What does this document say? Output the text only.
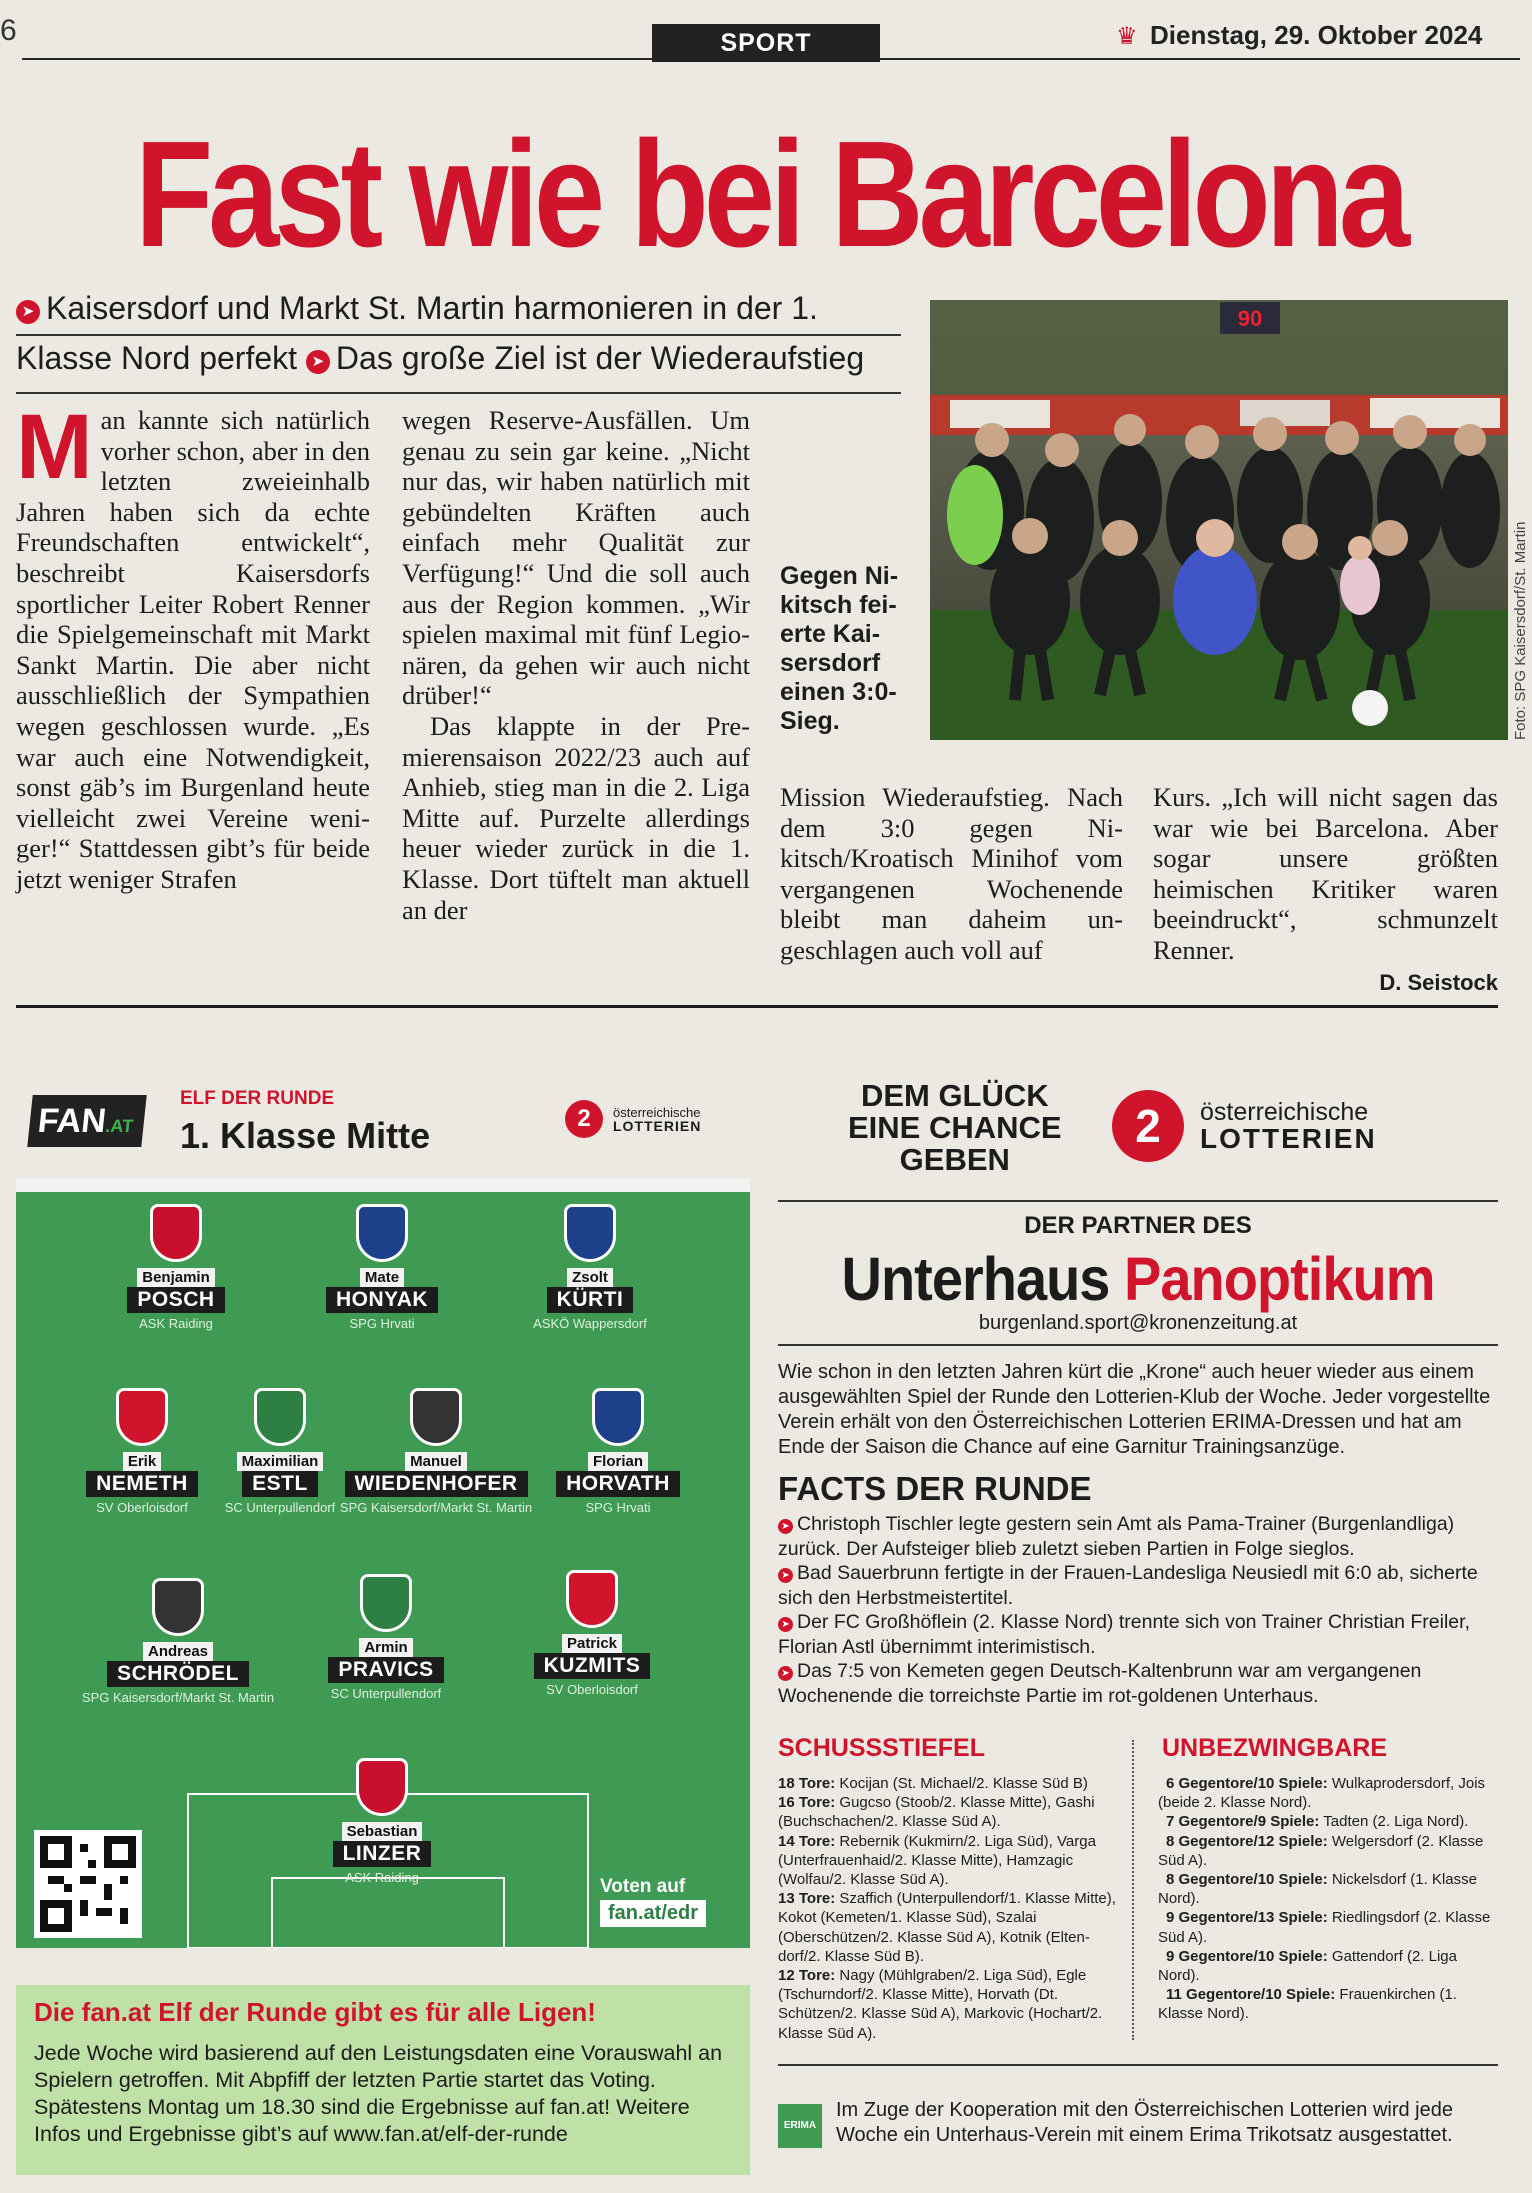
6	SPORT	♛ Dienstag, 29. Oktober 2024
Fast wie bei Barcelona
➤ Kaisersdorf und Markt St. Martin harmonieren in der 1.
Klasse Nord perfekt ➤ Das große Ziel ist der Wiederaufstieg
Man kannte sich natürlich vorher schon, aber in den letzten zweieinhalb Jahren haben sich da echte Freundschaften entwickelt“, beschreibt Kaisersdorfs sportlicher Leiter Robert Renner die Spielgemeinschaft mit Markt Sankt Martin. Die aber nicht ausschließlich der Sympathien wegen geschlossen wurde. „Es war auch eine Notwendigkeit, sonst gäb’s im Burgenland heute vielleicht zwei Vereine weniger!“ Stattdessen gibt’s für beide jetzt weniger Strafen
wegen Reserve-Ausfällen. Um genau zu sein gar keine. „Nicht nur das, wir haben natürlich mit gebündelten Kräften auch einfach mehr Qualität zur Verfügung!“ Und die soll auch aus der Region kommen. „Wir spielen maximal mit fünf Legionären, da gehen wir auch nicht drüber!“
Das klappte in der Premierensaison 2022/23 auch auf Anhieb, stieg man in die 2. Liga Mitte auf. Purzelte allerdings heuer wieder zurück in die 1. Klasse. Dort tüftelt man aktuell an der
Gegen Nikitsch feierte Kaisersdorf einen 3:0-Sieg.
90
Foto: SPG Kaisersdorf/St. Martin
Mission Wiederaufstieg. Nach dem 3:0 gegen Nikitsch/Kroatisch Minihof vom vergangenen Wochenende bleibt man daheim ungeschlagen auch voll auf
Kurs. „Ich will nicht sagen das war wie bei Barcelona. Aber sogar unsere größten heimischen Kritiker waren beeindruckt“, schmunzelt Renner.
D. Seistock
FAN.AT
ELF DER RUNDE
1. Klasse Mitte	2 österreichische
LOTTERIEN
Benjamin
POSCH
ASK Raiding
Mate
HONYAK
SPG Hrvati
Zsolt
KÜRTI
ASKÖ Wappersdorf
Erik
NEMETH
SV Oberloisdorf
Maximilian
ESTL
SC Unterpullendorf
Manuel
WIEDENHOFER
SPG Kaisersdorf/Markt St. Martin
Florian
HORVATH
SPG Hrvati
Andreas
SCHRÖDEL
SPG Kaisersdorf/Markt St. Martin
Armin
PRAVICS
SC Unterpullendorf
Patrick
KUZMITS
SV Oberloisdorf
Sebastian
LINZER
ASK Raiding	Voten auf
fan.at/edr
Die fan.at Elf der Runde gibt es für alle Ligen!
Jede Woche wird basierend auf den Leistungsdaten eine Vorauswahl an Spielern getroffen. Mit Abpfiff der letzten Partie startet das Voting. Spätestens Montag um 18.30 sind die Ergebnisse auf fan.at! Weitere Infos und Ergebnisse gibt’s auf www.fan.at/elf-der-runde
DEM GLÜCK
EINE CHANCE
GEBEN
2 österreichische
LOTTERIEN
DER PARTNER DES
Unterhaus Panoptikum
burgenland.sport@kronenzeitung.at
Wie schon in den letzten Jahren kürt die „Krone“ auch heuer wieder aus einem ausgewählten Spiel der Runde den Lotterien-Klub der Woche. Jeder vorgestellte Verein erhält von den Österreichischen Lotterien ERIMA-Dressen und hat am Ende der Saison die Chance auf eine Garnitur Trainingsanzüge.
FACTS DER RUNDE
➤ Christoph Tischler legte gestern sein Amt als Pama-Trainer (Burgenlandliga) zurück. Der Aufsteiger blieb zuletzt sieben Partien in Folge sieglos.
➤ Bad Sauerbrunn fertigte in der Frauen-Landesliga Neusiedl mit 6:0 ab, sicherte sich den Herbstmeistertitel.
➤ Der FC Großhöflein (2. Klasse Nord) trennte sich von Trainer Christian Freiler, Florian Astl übernimmt interimistisch.
➤ Das 7:5 von Kemeten gegen Deutsch-Kaltenbrunn war am vergangenen Wochenende die torreichste Partie im rot-goldenen Unterhaus.
SCHUSSSTIEFEL
18 Tore: Kocijan (St. Michael/2. Klasse Süd B)
16 Tore: Gugcso (Stoob/2. Klasse Mitte), Gashi (Buchschachen/2. Klasse Süd A).
14 Tore: Rebernik (Kukmirn/2. Liga Süd), Varga (Unterfrauenhaid/2. Klasse Mitte), Hamzagic (Wolfau/2. Klasse Süd A).
13 Tore: Szaffich (Unterpullendorf/1. Klasse Mitte), Kokot (Kemeten/1. Klasse Süd), Szalai (Oberschützen/2. Klasse Süd A), Kotnik (Eltendorf/2. Klasse Süd B).
12 Tore: Nagy (Mühlgraben/2. Liga Süd), Egle (Tschurndorf/2. Klasse Mitte), Horvath (Dt. Schützen/2. Klasse Süd A), Markovic (Hochart/2. Klasse Süd A).
UNBEZWINGBARE
6 Gegentore/10 Spiele: Wulkaprodersdorf, Jois (beide 2. Klasse Nord).
7 Gegentore/9 Spiele: Tadten (2. Liga Nord).
8 Gegentore/12 Spiele: Welgersdorf (2. Klasse Süd A).
8 Gegentore/10 Spiele: Nickelsdorf (1. Klasse Nord).
9 Gegentore/13 Spiele: Riedlingsdorf (2. Klasse Süd A).
9 Gegentore/10 Spiele: Gattendorf (2. Liga Nord).
11 Gegentore/10 Spiele: Frauenkirchen (1. Klasse Nord).
ERIMA
Im Zuge der Kooperation mit den Österreichischen Lotterien wird jede Woche ein Unterhaus-Verein mit einem Erima Trikotsatz ausgestattet.
